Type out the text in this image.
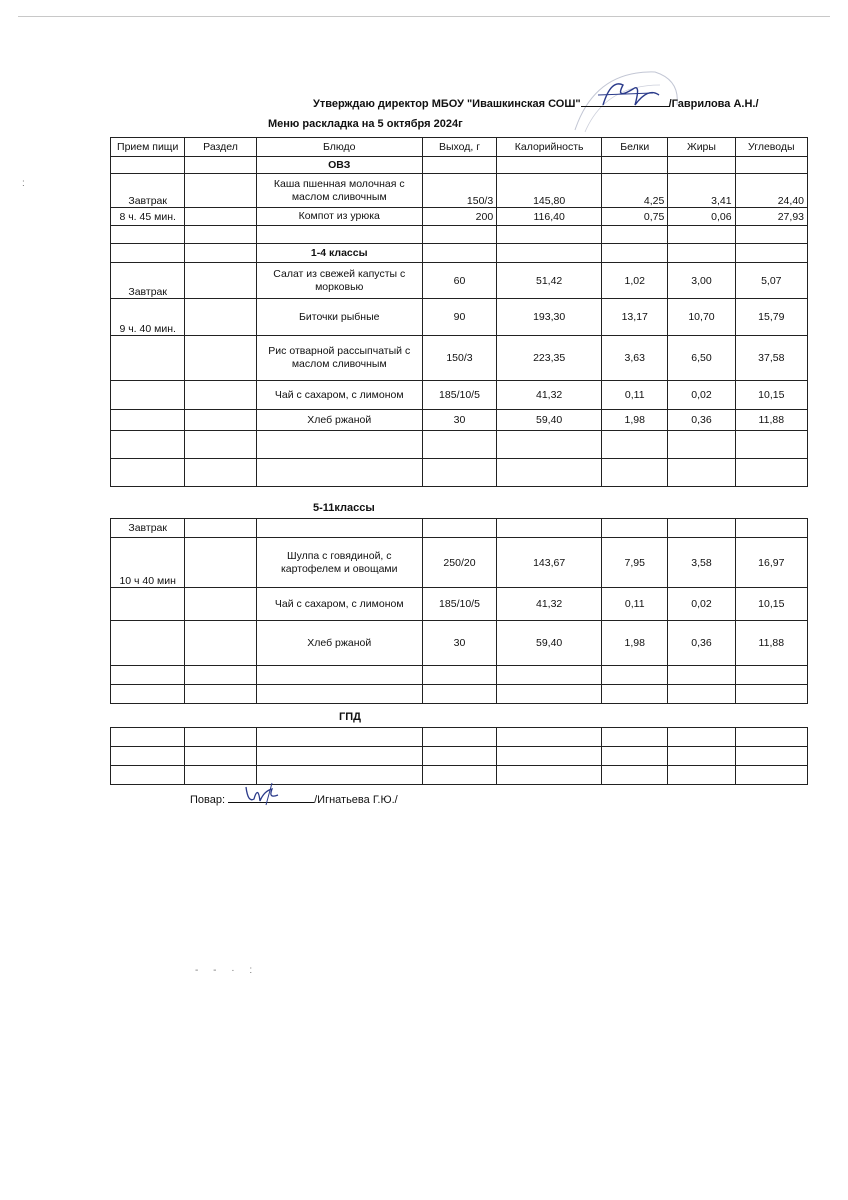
Утверждаю директор МБОУ "Ивашкинская СОШ"	/Гаврилова А.Н./
Меню раскладка на 5 октября 2024г
Прием пищи	Раздел	Блюдо	Выход, г	Калорийность	Белки	Жиры	Углеводы
		ОВЗ					
Завтрак		Каша пшенная молочная с маслом сливочным	150/3	145,80	4,25	3,41	24,40
8 ч. 45 мин.		Компот из урюка	200	116,40	0,75	0,06	27,93

		1-4 классы					
Завтрак		Салат из свежей капусты с морковью	60	51,42	1,02	3,00	5,07
9 ч. 40 мин.		Биточки рыбные	90	193,30	13,17	10,70	15,79
		Рис отварной рассыпчатый с маслом сливочным	150/3	223,35	3,63	6,50	37,58
		Чай с сахаром, с лимоном	185/10/5	41,32	0,11	0,02	10,15
		Хлеб ржаной	30	59,40	1,98	0,36	11,88

5-11классы
Завтрак							
10 ч 40 мин		Шулпа с говядиной, с картофелем и овощами	250/20	143,67	7,95	3,58	16,97
		Чай с сахаром, с лимоном	185/10/5	41,32	0,11	0,02	10,15
		Хлеб ржаной	30	59,40	1,98	0,36	11,88

ГПД

Повар:	/Игнатьева Г.Ю./
:
- - · :
